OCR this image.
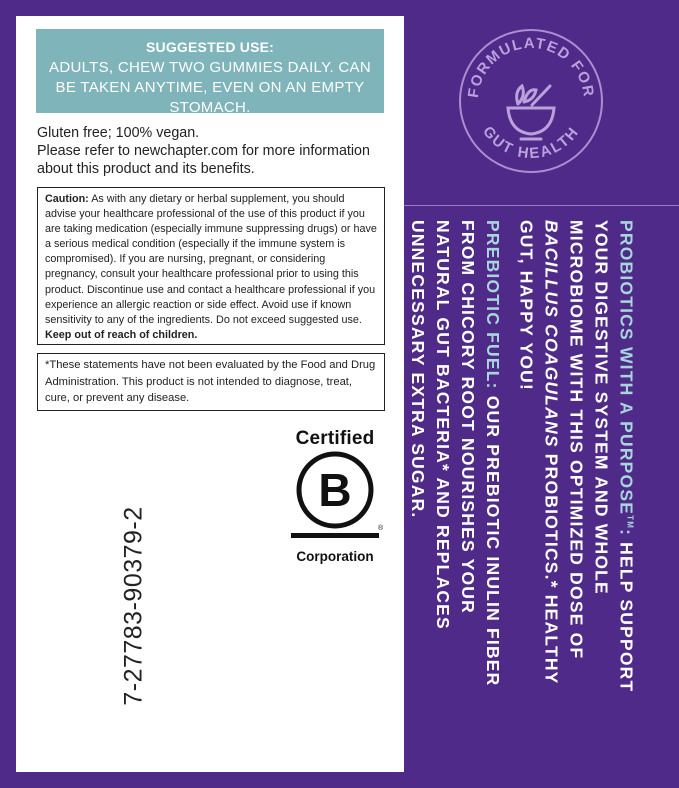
FORMULATED FOR
GUT HEALTH
SUGGESTED USE:
ADULTS, CHEW TWO GUMMIES DAILY. CAN BE TAKEN ANYTIME, EVEN ON AN EMPTY STOMACH.
Gluten free; 100% vegan.
Please refer to newchapter.com for more information about this product and its benefits.
Caution: As with any dietary or herbal supplement, you should advise your healthcare professional of the use of this product if you are taking medication (especially immune suppressing drugs) or have a serious medical condition (especially if the immune system is compromised). If you are nursing, pregnant, or considering pregnancy, consult your healthcare professional prior to using this product. Discontinue use and contact a healthcare professional if you experience an allergic reaction or side effect. Avoid use if known sensitivity to any of the ingredients. Do not exceed suggested use. Keep out of reach of children.
*These statements have not been evaluated by the Food and Drug Administration. This product is not intended to diagnose, treat, cure, or prevent any disease.
Certified
B
®
Corporation
7-27783-90379-2
PROBIOTICS WITH A PURPOSE™: HELP SUPPORT YOUR DIGESTIVE SYSTEM AND WHOLE MICROBIOME WITH THIS OPTIMIZED DOSE OF BACILLUS COAGULANS PROBIOTICS.* HEALTHY GUT, HAPPY YOU!
PREBIOTIC FUEL: OUR PREBIOTIC INULIN FIBER FROM CHICORY ROOT NOURISHES YOUR NATURAL GUT BACTERIA* AND REPLACES UNNECESSARY EXTRA SUGAR.
